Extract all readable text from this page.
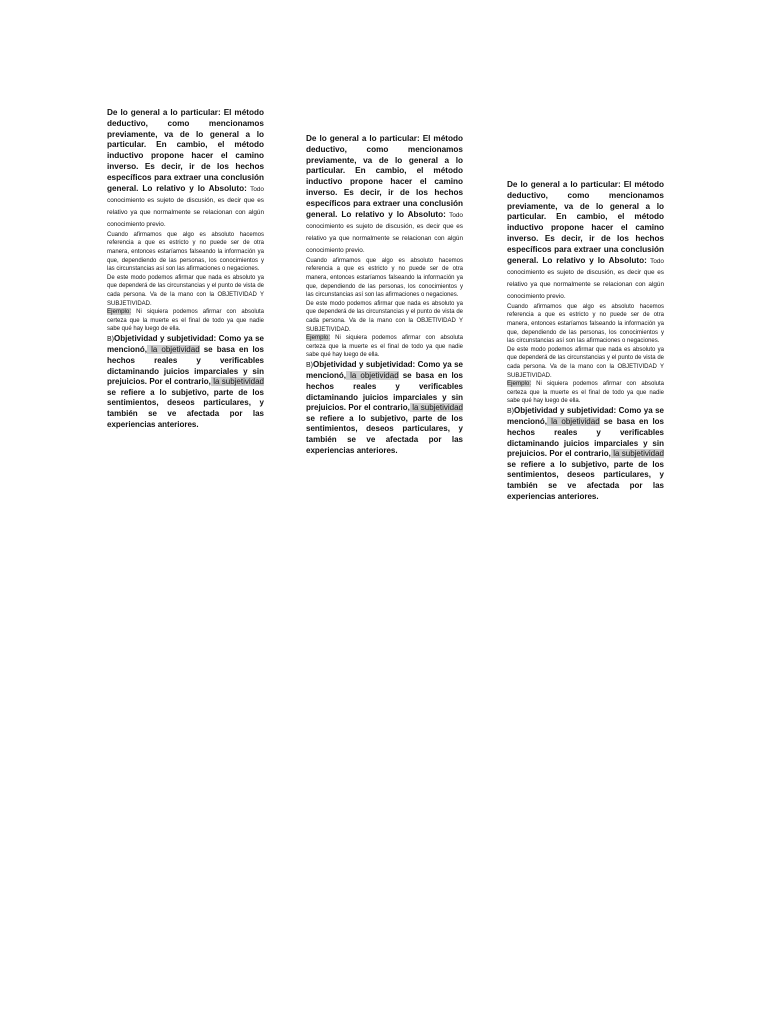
De lo general a lo particular: El método deductivo, como mencionamos previamente, va de lo general a lo particular. En cambio, el método inductivo propone hacer el camino inverso. Es decir, ir de los hechos específicos para extraer una conclusión general. Lo relativo y lo Absoluto: Todo conocimiento es sujeto de discusión, es decir que es relativo ya que normalmente se relacionan con algún conocimiento previo.

Cuando afirmamos que algo es absoluto hacemos referencia a que es estricto y no puede ser de otra manera, entonces estaríamos falseando la información ya que, dependiendo de las personas, los conocimientos y las circunstancias así son las afirmaciones o negaciones.

De este modo podemos afirmar que nada es absoluto ya que dependerá de las circunstancias y el punto de vista de cada persona. Va de la mano con la OBJETIVIDAD Y SUBJETIVIDAD.

Ejemplo: Ni siquiera podemos afirmar con absoluta certeza que la muerte es el final de todo ya que nadie sabe qué hay luego de ella.

B)Objetividad y subjetividad: Como ya se mencionó, la objetividad se basa en los hechos reales y verificables dictaminando juicios imparciales y sin prejuicios. Por el contrario, la subjetividad se refiere a lo subjetivo, parte de los sentimientos, deseos particulares, y también se ve afectada por las experiencias anteriores.

De lo general a lo particular: El método deductivo, como mencionamos previamente, va de lo general a lo particular. En cambio, el método inductivo propone hacer el camino inverso. Es decir, ir de los hechos específicos para extraer una conclusión general. Lo relativo y lo Absoluto: Todo conocimiento es sujeto de discusión, es decir que es relativo ya que normalmente se relacionan con algún conocimiento previo.

Cuando afirmamos que algo es absoluto hacemos referencia a que es estricto y no puede ser de otra manera, entonces estaríamos falseando la información ya que, dependiendo de las personas, los conocimientos y las circunstancias así son las afirmaciones o negaciones.

De este modo podemos afirmar que nada es absoluto ya que dependerá de las circunstancias y el punto de vista de cada persona. Va de la mano con la OBJETIVIDAD Y SUBJETIVIDAD.

Ejemplo: Ni siquiera podemos afirmar con absoluta certeza que la muerte es el final de todo ya que nadie sabe qué hay luego de ella.

B)Objetividad y subjetividad: Como ya se mencionó, la objetividad se basa en los hechos reales y verificables dictaminando juicios imparciales y sin prejuicios. Por el contrario, la subjetividad se refiere a lo subjetivo, parte de los sentimientos, deseos particulares, y también se ve afectada por las experiencias anteriores.

De lo general a lo particular: El método deductivo, como mencionamos previamente, va de lo general a lo particular. En cambio, el método inductivo propone hacer el camino inverso. Es decir, ir de los hechos específicos para extraer una conclusión general. Lo relativo y lo Absoluto: Todo conocimiento es sujeto de discusión, es decir que es relativo ya que normalmente se relacionan con algún conocimiento previo.

Cuando afirmamos que algo es absoluto hacemos referencia a que es estricto y no puede ser de otra manera, entonces estaríamos falseando la información ya que, dependiendo de las personas, los conocimientos y las circunstancias así son las afirmaciones o negaciones.

De este modo podemos afirmar que nada es absoluto ya que dependerá de las circunstancias y el punto de vista de cada persona. Va de la mano con la OBJETIVIDAD Y SUBJETIVIDAD.

Ejemplo: Ni siquiera podemos afirmar con absoluta certeza que la muerte es el final de todo ya que nadie sabe qué hay luego de ella.

B)Objetividad y subjetividad: Como ya se mencionó, la objetividad se basa en los hechos reales y verificables dictaminando juicios imparciales y sin prejuicios. Por el contrario, la subjetividad se refiere a lo subjetivo, parte de los sentimientos, deseos particulares, y también se ve afectada por las experiencias anteriores.
